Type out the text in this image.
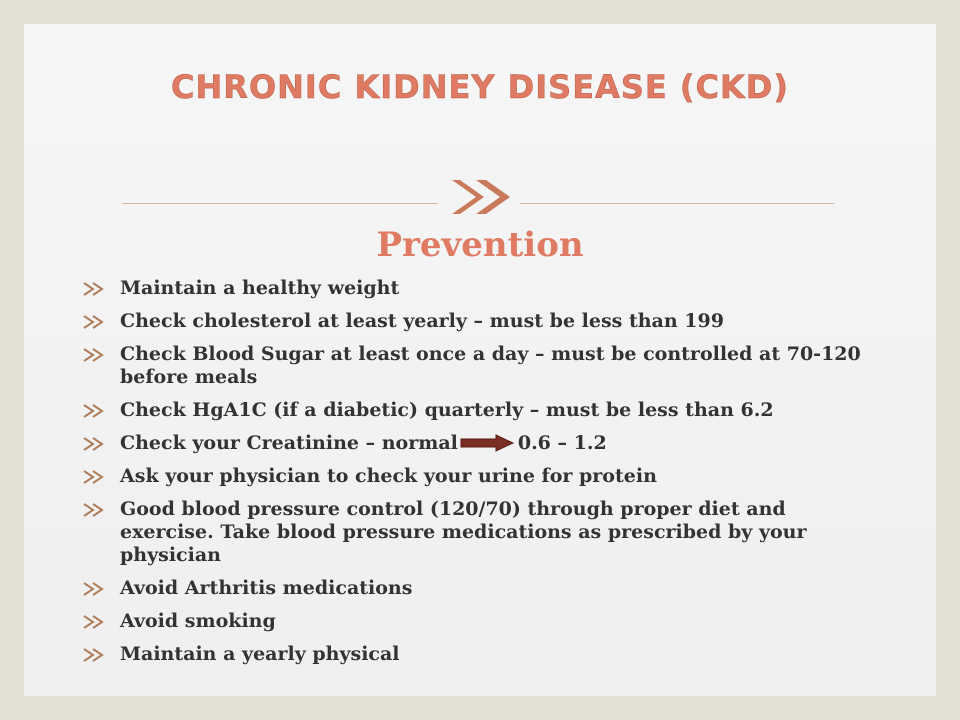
CHRONIC KIDNEY DISEASE (CKD)
Prevention
Maintain a healthy weight
Check cholesterol at least yearly – must be less than 199
Check Blood Sugar at least once a day – must be controlled at 70-120 before meals
Check HgA1C (if a diabetic) quarterly – must be less than 6.2
Check your Creatinine – normal	0.6 – 1.2
Ask your physician to check your urine for protein
Good blood pressure control (120/70) through proper diet and exercise. Take blood pressure medications as prescribed by your physician
Avoid Arthritis medications
Avoid smoking
Maintain a yearly physical
